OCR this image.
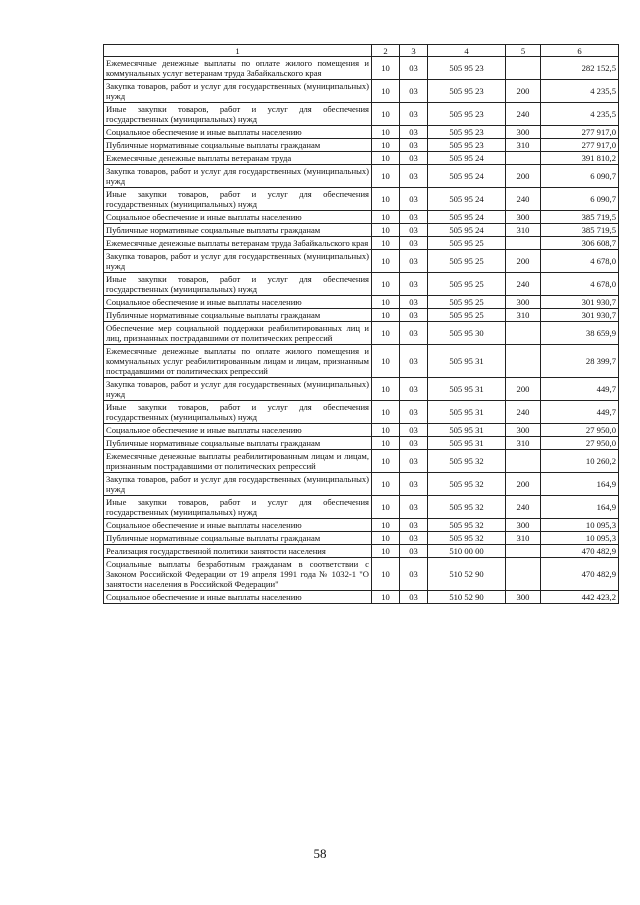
1	2	3	4	5	6
Ежемесячные денежные выплаты по оплате жилого помещения и коммунальных услуг ветеранам труда Забайкальского края	10	03	505 95 23		282 152,5
Закупка товаров, работ и услуг для государственных (муниципальных) нужд	10	03	505 95 23	200	4 235,5
Иные закупки товаров, работ и услуг для обеспечения государственных (муниципальных) нужд	10	03	505 95 23	240	4 235,5
Социальное обеспечение и иные выплаты населению	10	03	505 95 23	300	277 917,0
Публичные нормативные социальные выплаты гражданам	10	03	505 95 23	310	277 917,0
Ежемесячные денежные выплаты ветеранам труда	10	03	505 95 24		391 810,2
Закупка товаров, работ и услуг для государственных (муниципальных) нужд	10	03	505 95 24	200	6 090,7
Иные закупки товаров, работ и услуг для обеспечения государственных (муниципальных) нужд	10	03	505 95 24	240	6 090,7
Социальное обеспечение и иные выплаты населению	10	03	505 95 24	300	385 719,5
Публичные нормативные социальные выплаты гражданам	10	03	505 95 24	310	385 719,5
Ежемесячные денежные выплаты ветеранам труда Забайкальского края	10	03	505 95 25		306 608,7
Закупка товаров, работ и услуг для государственных (муниципальных) нужд	10	03	505 95 25	200	4 678,0
Иные закупки товаров, работ и услуг для обеспечения государственных (муниципальных) нужд	10	03	505 95 25	240	4 678,0
Социальное обеспечение и иные выплаты населению	10	03	505 95 25	300	301 930,7
Публичные нормативные социальные выплаты гражданам	10	03	505 95 25	310	301 930,7
Обеспечение мер социальной поддержки реабилитированных лиц и лиц, признанных пострадавшими от политических репрессий	10	03	505 95 30		38 659,9
Ежемесячные денежные выплаты по оплате жилого помещения и коммунальных услуг реабилитированным лицам и лицам, признанным пострадавшими от политических репрессий	10	03	505 95 31		28 399,7
Закупка товаров, работ и услуг для государственных (муниципальных) нужд	10	03	505 95 31	200	449,7
Иные закупки товаров, работ и услуг для обеспечения государственных (муниципальных) нужд	10	03	505 95 31	240	449,7
Социальное обеспечение и иные выплаты населению	10	03	505 95 31	300	27 950,0
Публичные нормативные социальные выплаты гражданам	10	03	505 95 31	310	27 950,0
Ежемесячные денежные выплаты реабилитированным лицам и лицам, признанным пострадавшими от политических репрессий	10	03	505 95 32		10 260,2
Закупка товаров, работ и услуг для государственных (муниципальных) нужд	10	03	505 95 32	200	164,9
Иные закупки товаров, работ и услуг для обеспечения государственных (муниципальных) нужд	10	03	505 95 32	240	164,9
Социальное обеспечение и иные выплаты населению	10	03	505 95 32	300	10 095,3
Публичные нормативные социальные выплаты гражданам	10	03	505 95 32	310	10 095,3
Реализация государственной политики занятости населения	10	03	510 00 00		470 482,9
Социальные выплаты безработным гражданам в соответствии с Законом Российской Федерации от 19 апреля 1991 года № 1032-1 "О занятости населения в Российской Федерации"	10	03	510 52 90		470 482,9
Социальное обеспечение и иные выплаты населению	10	03	510 52 90	300	442 423,2
58
